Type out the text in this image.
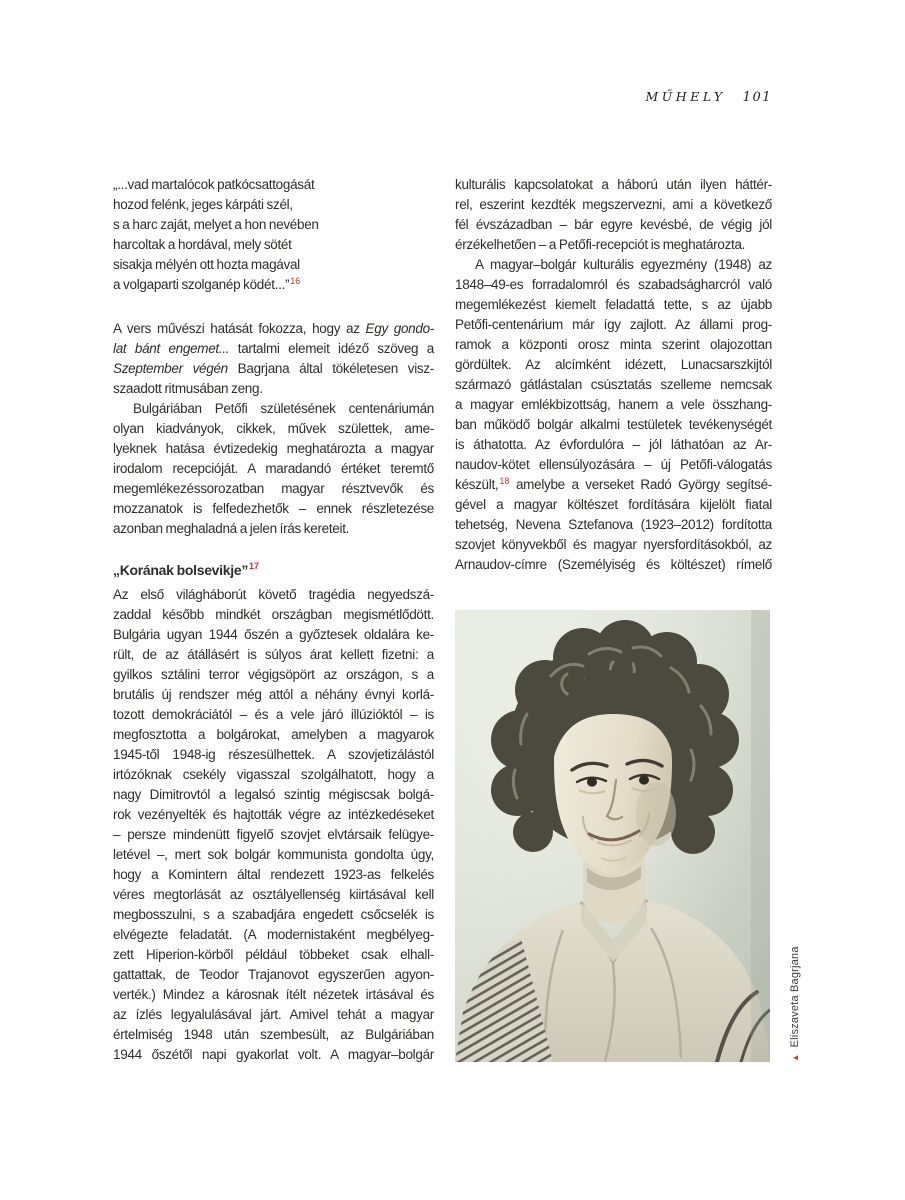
MŰHELY 101
„...vad martalócok patkócsattogását
hozod felénk, jeges kárpáti szél,
s a harc zaját, melyet a hon nevében
harcoltak a hordával, mely sötét
sisakja mélyén ott hozta magával
a volgaparti szolganép ködét...”$^{16}$
A vers művészi hatását fokozza, hogy az Egy gondo-
lat bánt engemet... tartalmi elemeit idéző szöveg a
Szeptember végén Bagrjana által tökéletesen visz-
szaadott ritmusában zeng.
Bulgáriában Petőfi születésének centenáriumán
olyan kiadványok, cikkek, művek születtek, ame-
lyeknek hatása évtizedekig meghatározta a magyar
irodalom recepcióját. A maradandó értéket teremtő
megemlékezéssorozatban magyar résztvevők és
mozzanatok is felfedezhetők – ennek részletezése
azonban meghaladná a jelen írás kereteit.
„Korának bolsevikje”$^{17}$
Az első világháborút követő tragédia negyedszá-
zaddal később mindkét országban megismétlődött.
Bulgária ugyan 1944 őszén a győztesek oldalára ke-
rült, de az átállásért is súlyos árat kellett fizetni: a
gyilkos sztálini terror végigsöpört az országon, s a
brutális új rendszer még attól a néhány évnyi korlá-
tozott demokráciától – és a vele járó illúzióktól – is
megfosztotta a bolgárokat, amelyben a magyarok
1945-től 1948-ig részesülhettek. A szovjetizálástól
irtózóknak csekély vigasszal szolgálhatott, hogy a
nagy Dimitrovtól a legalsó szintig mégiscsak bolgá-
rok vezényelték és hajtották végre az intézkedéseket
– persze mindenütt figyelő szovjet elvtársaik felügye-
letével –, mert sok bolgár kommunista gondolta úgy,
hogy a Komintern által rendezett 1923-as felkelés
véres megtorlását az osztályellenség kiirtásával kell
megbosszulni, s a szabadjára engedett csőcselék is
elvégezte feladatát. (A modernistaként megbélyeg-
zett Hiperion-körből például többeket csak elhall-
gattattak, de Teodor Trajanovot egyszerűen agyon-
verték.) Mindez a károsnak ítélt nézetek irtásával és
az ízlés legyalulásával járt. Amivel tehát a magyar
értelmiség 1948 után szembesült, az Bulgáriában
1944 őszétől napi gyakorlat volt. A magyar–bolgár
kulturális kapcsolatokat a háború után ilyen háttér-
rel, eszerint kezdték megszervezni, ami a következő
fél évszázadban – bár egyre kevésbé, de végig jól
érzékelhetően – a Petőfi-recepciót is meghatározta.
A magyar–bolgár kulturális egyezmény (1948) az
1848–49-es forradalomról és szabadságharcról való
megemlékezést kiemelt feladattá tette, s az újabb
Petőfi-centenárium már így zajlott. Az állami prog-
ramok a központi orosz minta szerint olajozottan
gördültek. Az alcímként idézett, Lunacsarszkijtól
származó gátlástalan csúsztatás szelleme nemcsak
a magyar emlékbizottság, hanem a vele összhang-
ban működő bolgár alkalmi testületek tevékenységét
is áthatotta. Az évfordulóra – jól láthatóan az Ar-
naudov-kötet ellensúlyozására – új Petőfi-válogatás
készült,$^{18}$ amelybe a verseket Radó György segítsé-
gével a magyar költészet fordítására kijelölt fiatal
tehetség, Nevena Sztefanova (1923–2012) fordította
szovjet könyvekből és magyar nyersfordításokból, az
Arnaudov-címre (Személyiség és költészet) rímelő
▲Eliszaveta Bagrjana
